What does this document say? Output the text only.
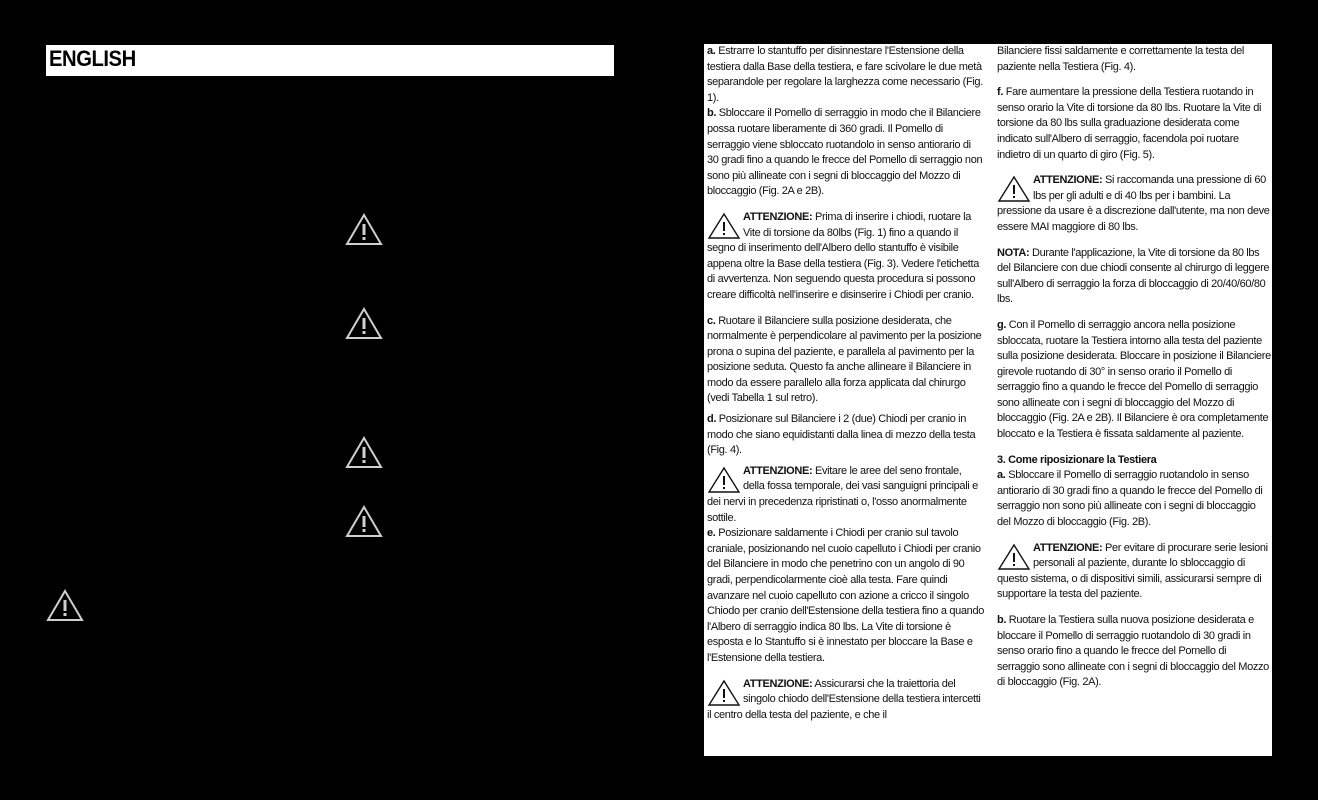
ENGLISH	a. Estrarre lo stantuffo per disinnestare l'Estensione della testiera dalla Base della testiera, e fare scivolare le due metà separandole per regolare la larghezza come necessario (Fig. 1).

b. Sbloccare il Pomello di serraggio in modo che il Bilanciere possa ruotare liberamente di 360 gradi. Il Pomello di serraggio viene sbloccato ruotandolo in senso antiorario di 30 gradi fino a quando le frecce del Pomello di serraggio non sono più allineate con i segni di bloccaggio del Mozzo di bloccaggio (Fig. 2A e 2B).

ATTENZIONE: Prima di inserire i chiodi, ruotare la Vite di torsione da 80lbs (Fig. 1) fino a quando il segno di inserimento dell'Albero dello stantuffo è visibile appena oltre la Base della testiera (Fig. 3). Vedere l'etichetta di avvertenza. Non seguendo questa procedura si possono creare difficoltà nell'inserire e disinserire i Chiodi per cranio.

c. Ruotare il Bilanciere sulla posizione desiderata, che normalmente è perpendicolare al pavimento per la posizione prona o supina del paziente, e parallela al pavimento per la posizione seduta. Questo fa anche allineare il Bilanciere in modo da essere parallelo alla forza applicata dal chirurgo (vedi Tabella 1 sul retro).

d. Posizionare sul Bilanciere i 2 (due) Chiodi per cranio in modo che siano equidistanti dalla linea di mezzo della testa (Fig. 4).

ATTENZIONE: Evitare le aree del seno frontale, della fossa temporale, dei vasi sanguigni principali e dei nervi in precedenza ripristinati o, l'osso anormalmente sottile.

e. Posizionare saldamente i Chiodi per cranio sul tavolo craniale, posizionando nel cuoio capelluto i Chiodi per cranio del Bilanciere in modo che penetrino con un angolo di 90 gradi, perpendicolarmente cioè alla testa. Fare quindi avanzare nel cuoio capelluto con azione a cricco il singolo Chiodo per cranio dell'Estensione della testiera fino a quando l'Albero di serraggio indica 80 lbs. La Vite di torsione è esposta e lo Stantuffo si è innestato per bloccare la Base e l'Estensione della testiera.

ATTENZIONE: Assicurarsi che la traiettoria del singolo chiodo dell'Estensione della testiera intercetti il centro della testa del paziente, e che il

Bilanciere fissi saldamente e correttamente la testa del paziente nella Testiera (Fig. 4).

f. Fare aumentare la pressione della Testiera ruotando in senso orario la Vite di torsione da 80 lbs. Ruotare la Vite di torsione da 80 lbs sulla graduazione desiderata come indicato sull'Albero di serraggio, facendola poi ruotare indietro di un quarto di giro (Fig. 5).

ATTENZIONE: Si raccomanda una pressione di 60 lbs per gli adulti e di 40 lbs per i bambini. La pressione da usare è a discrezione dall'utente, ma non deve essere MAI maggiore di 80 lbs.

NOTA: Durante l'applicazione, la Vite di torsione da 80 lbs del Bilanciere con due chiodi consente al chirurgo di leggere sull'Albero di serraggio la forza di bloccaggio di 20/40/60/80 lbs.

g. Con il Pomello di serraggio ancora nella posizione sbloccata, ruotare la Testiera intorno alla testa del paziente sulla posizione desiderata. Bloccare in posizione il Bilanciere girevole ruotando di 30° in senso orario il Pomello di serraggio fino a quando le frecce del Pomello di serraggio sono allineate con i segni di bloccaggio del Mozzo di bloccaggio (Fig. 2A e 2B). Il Bilanciere è ora completamente bloccato e la Testiera è fissata saldamente al paziente.

3. Come riposizionare la Testiera

a. Sbloccare il Pomello di serraggio ruotandolo in senso antiorario di 30 gradi fino a quando le frecce del Pomello di serraggio non sono più allineate con i segni di bloccaggio del Mozzo di bloccaggio (Fig. 2B).

ATTENZIONE: Per evitare di procurare serie lesioni personali al paziente, durante lo sbloccaggio di questo sistema, o di dispositivi simili, assicurarsi sempre di supportare la testa del paziente.

b. Ruotare la Testiera sulla nuova posizione desiderata e bloccare il Pomello di serraggio ruotandolo di 30 gradi in senso orario fino a quando le frecce del Pomello di serraggio sono allineate con i segni di bloccaggio del Mozzo di bloccaggio (Fig. 2A).
